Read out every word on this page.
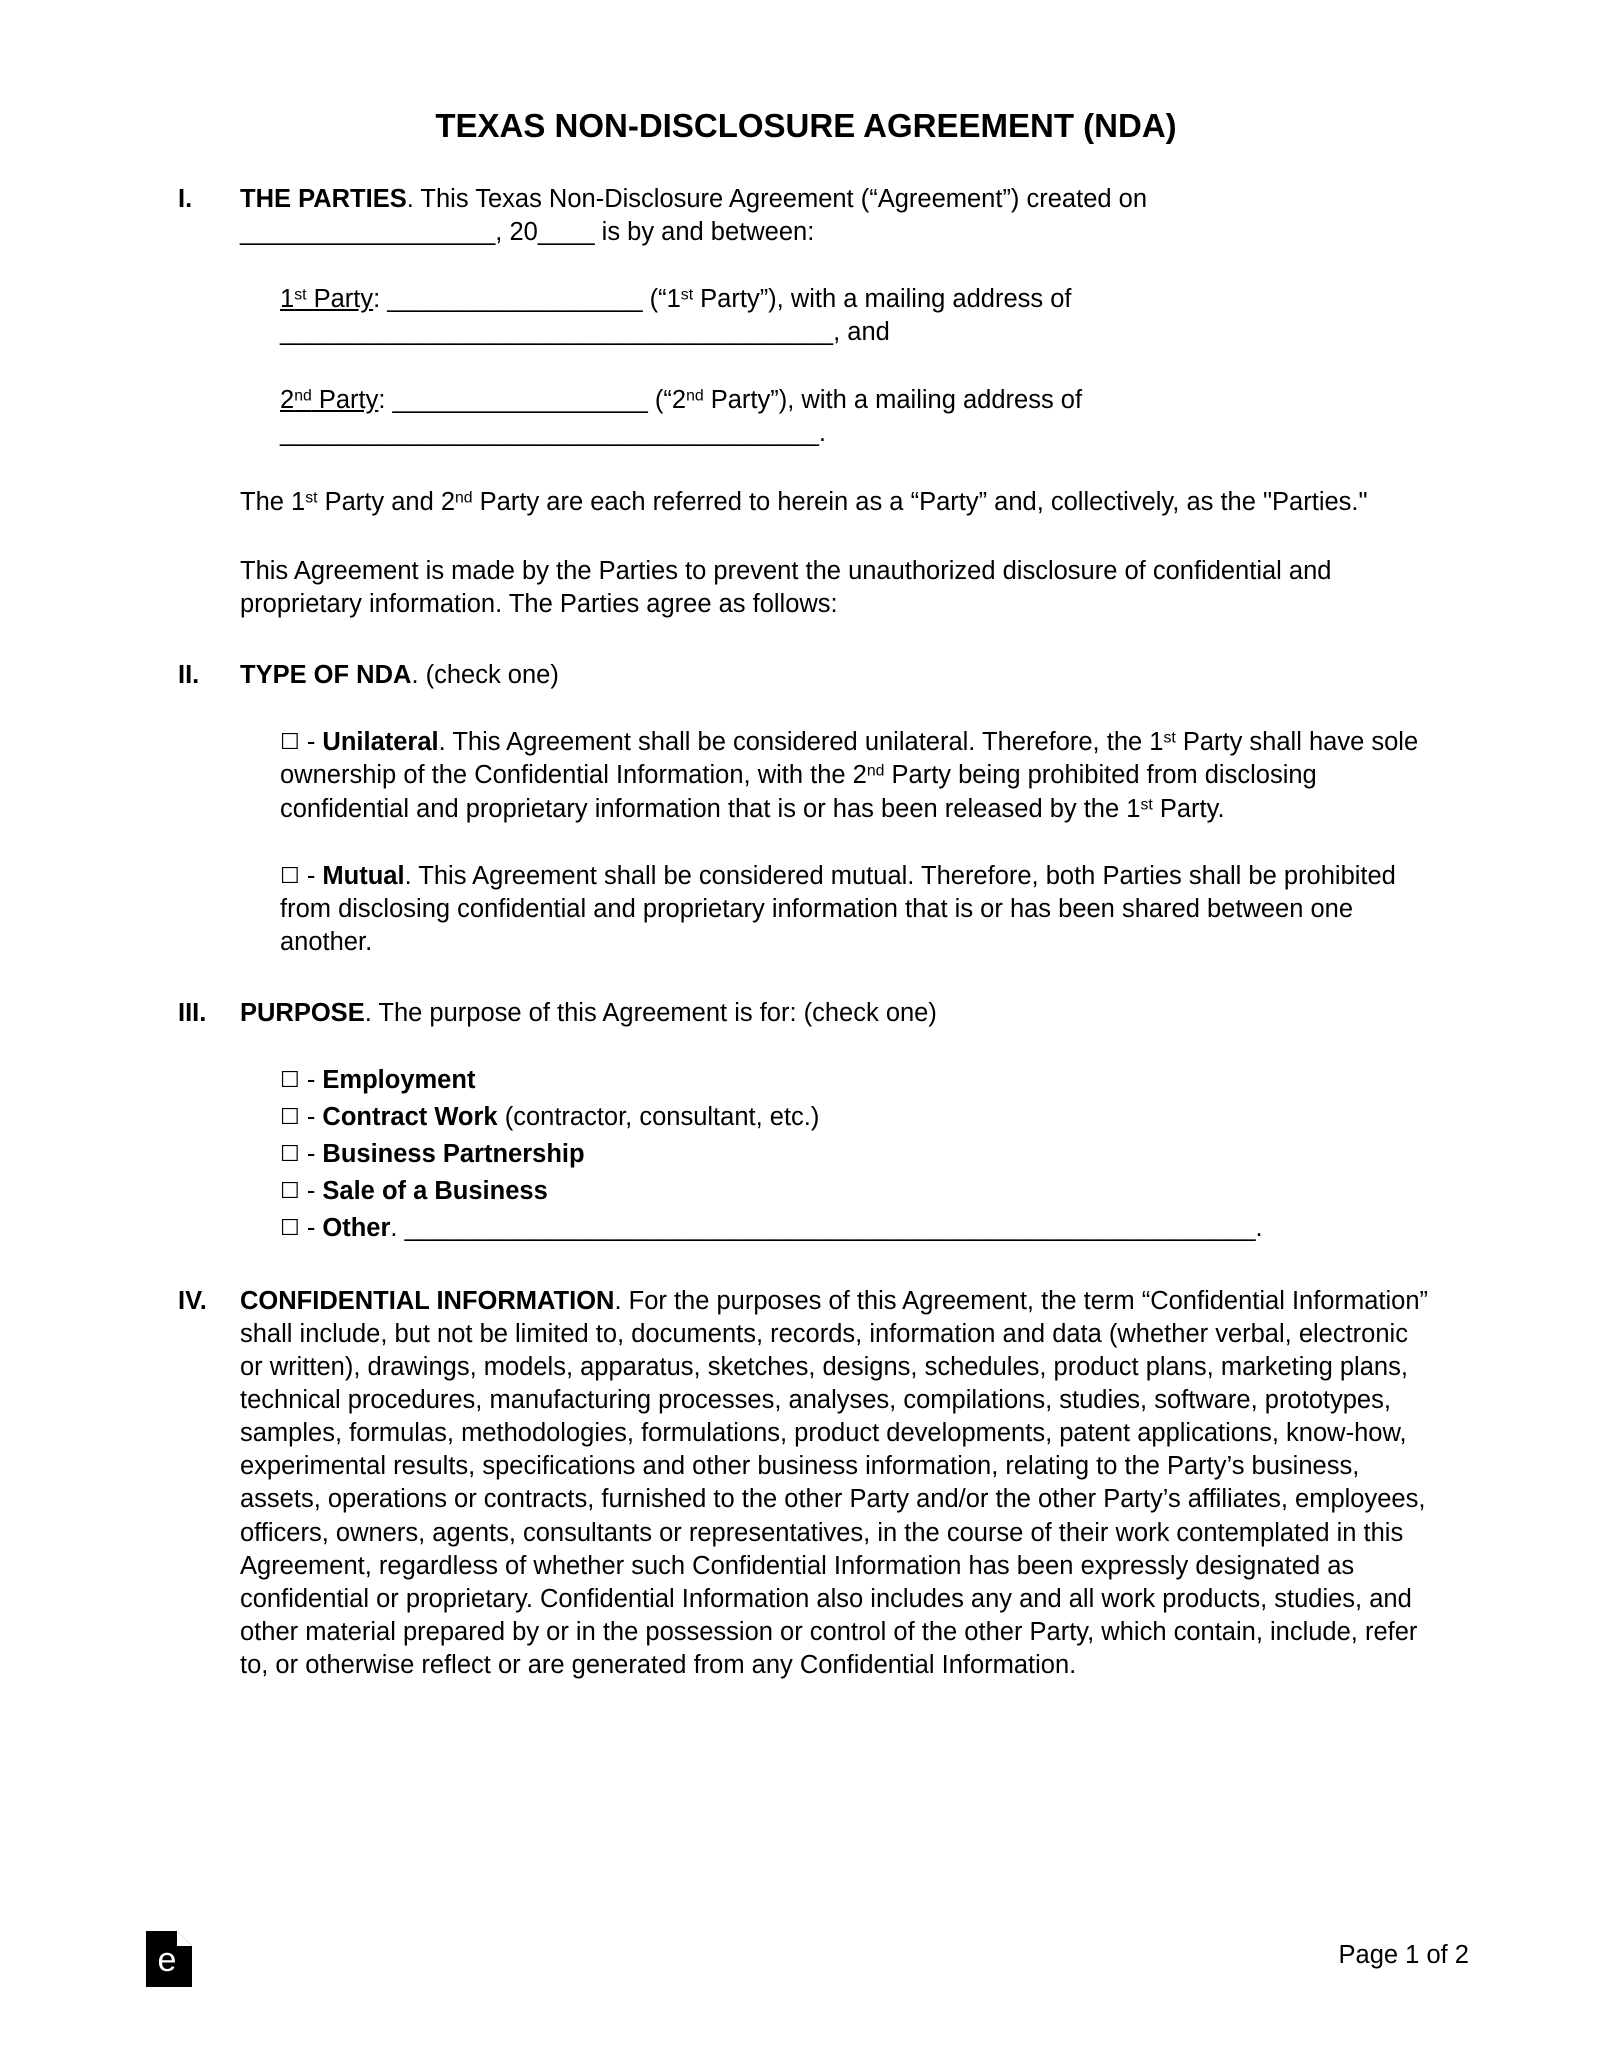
TEXAS NON-DISCLOSURE AGREEMENT (NDA)
I.	THE PARTIES. This Texas Non-Disclosure Agreement (“Agreement”) created on
__________________, 20____ is by and between:
1st Party: __________________ (“1st Party”), with a mailing address of
_______________________________________, and
2nd Party: __________________ (“2nd Party”), with a mailing address of
______________________________________.
The 1st Party and 2nd Party are each referred to herein as a “Party” and, collectively, as the "Parties."
This Agreement is made by the Parties to prevent the unauthorized disclosure of confidential and proprietary information. The Parties agree as follows:
II.	TYPE OF NDA. (check one)
☐ - Unilateral. This Agreement shall be considered unilateral. Therefore, the 1st Party shall have sole ownership of the Confidential Information, with the 2nd Party being prohibited from disclosing confidential and proprietary information that is or has been released by the 1st Party.
☐ - Mutual. This Agreement shall be considered mutual. Therefore, both Parties shall be prohibited from disclosing confidential and proprietary information that is or has been shared between one another.
III.	PURPOSE. The purpose of this Agreement is for: (check one)
☐ - Employment
☐ - Contract Work (contractor, consultant, etc.)
☐ - Business Partnership
☐ - Sale of a Business
☐ - Other. ____________________________________________________________.
IV.	CONFIDENTIAL INFORMATION. For the purposes of this Agreement, the term “Confidential Information” shall include, but not be limited to, documents, records, information and data (whether verbal, electronic or written), drawings, models, apparatus, sketches, designs, schedules, product plans, marketing plans, technical procedures, manufacturing processes, analyses, compilations, studies, software, prototypes, samples, formulas, methodologies, formulations, product developments, patent applications, know-how, experimental results, specifications and other business information, relating to the Party’s business, assets, operations or contracts, furnished to the other Party and/or the other Party’s affiliates, employees, officers, owners, agents, consultants or representatives, in the course of their work contemplated in this Agreement, regardless of whether such Confidential Information has been expressly designated as confidential or proprietary. Confidential Information also includes any and all work products, studies, and other material prepared by or in the possession or control of the other Party, which contain, include, refer to, or otherwise reflect or are generated from any Confidential Information.
e	Page 1 of 2
